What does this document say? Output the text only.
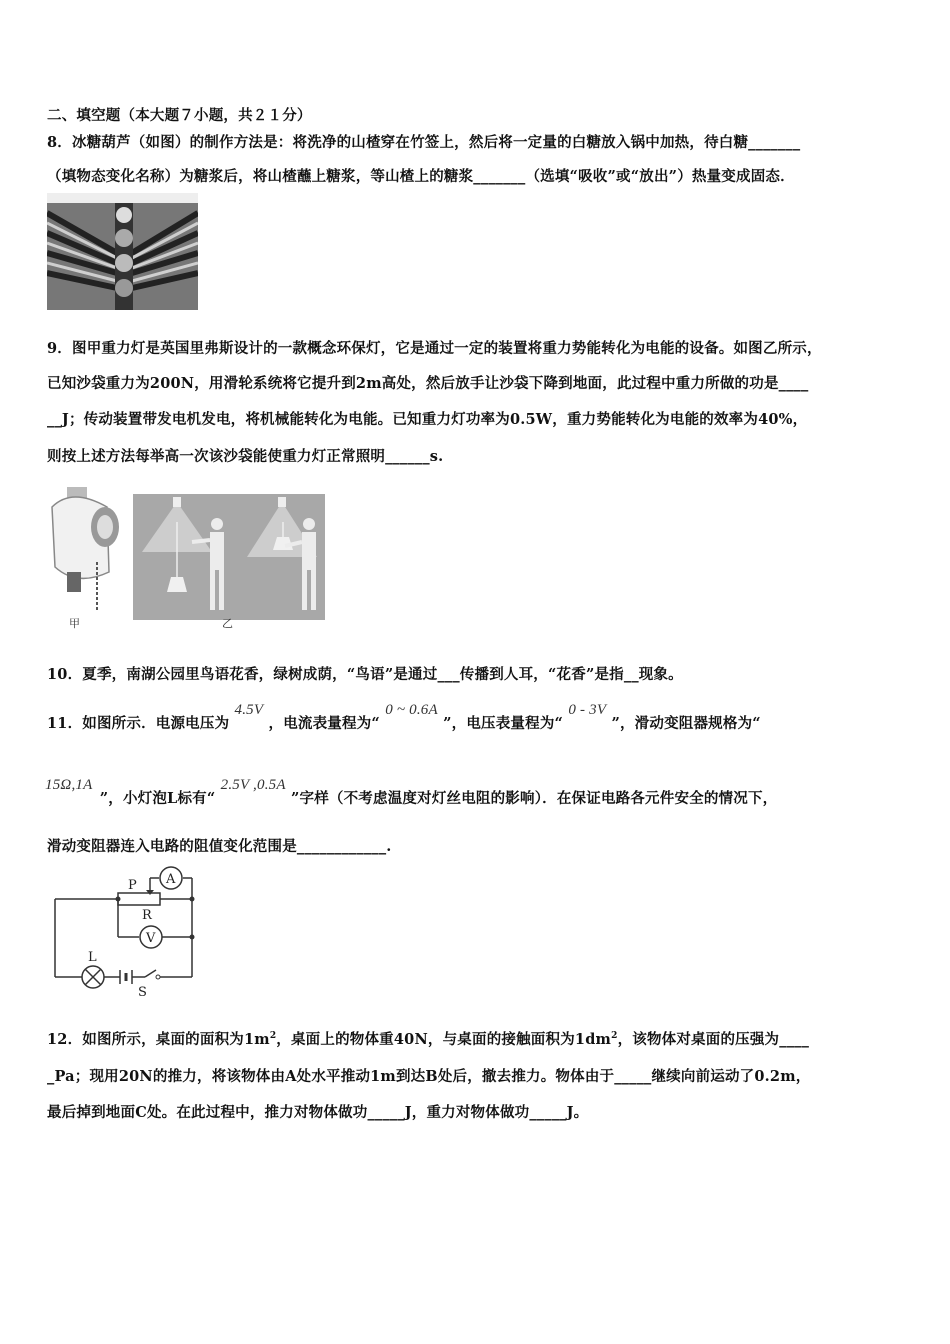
二、填空题（本大题７小题，共２１分）
8．冰糖葫芦（如图）的制作方法是：将洗净的山楂穿在竹签上，然后将一定量的白糖放入锅中加热，待白糖_______
（填物态变化名称）为糖浆后，将山楂蘸上糖浆，等山楂上的糖浆_______（选填“吸收”或“放出”）热量变成固态．
9．图甲重力灯是英国里弗斯设计的一款概念环保灯，它是通过一定的装置将重力势能转化为电能的设备。如图乙所示，
已知沙袋重力为200N，用滑轮系统将它提升到2m高处，然后放手让沙袋下降到地面，此过程中重力所做的功是____
__J；传动装置带发电机发电，将机械能转化为电能。已知重力灯功率为0.5W，重力势能转化为电能的效率为40%，
则按上述方法每举高一次该沙袋能使重力灯正常照明______s.
甲	乙
10．夏季，南湖公园里鸟语花香，绿树成荫，“鸟语”是通过___传播到人耳，“花香”是指__现象。
11．如图所示．电源电压为 4.5V ，电流表量程为“ 0 ~ 0.6A ”，电压表量程为“ 0 - 3V ”，滑动变阻器规格为“
15Ω,1A ”，小灯泡L标有“ 2.5V ,0.5A ”字样（不考虑温度对灯丝电阻的影响）．在保证电路各元件安全的情况下，
滑动变阻器连入电路的阻值变化范围是____________.
P
R
A
V
L
S
12．如图所示，桌面的面积为$1m^2$，桌面上的物体重40N，与桌面的接触面积为$1dm^2$，该物体对桌面的压强为____
_Pa；现用20N的推力，将该物体由A处水平推动1m到达B处后，撤去推力。物体由于_____继续向前运动了0.2m，
最后掉到地面C处。在此过程中，推力对物体做功_____J，重力对物体做功_____J。
